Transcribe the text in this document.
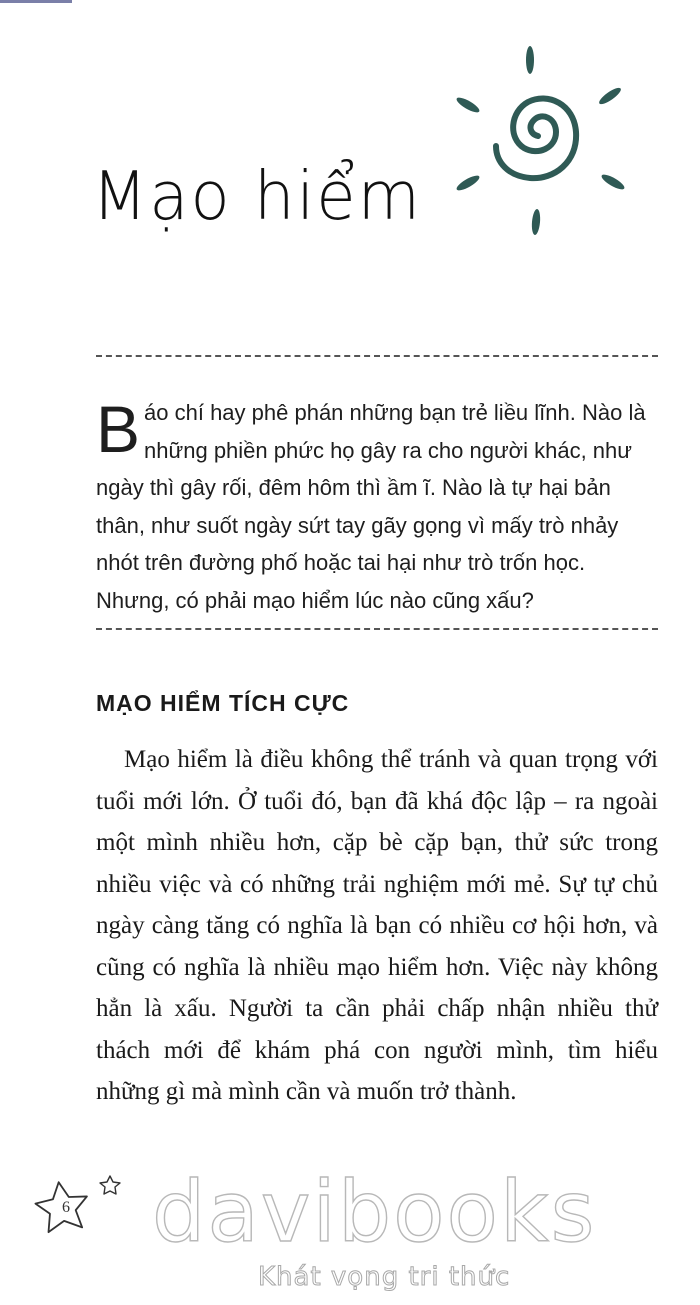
Mạo hiểm
Báo chí hay phê phán những bạn trẻ liều lĩnh. Nào là những phiền phức họ gây ra cho người khác, như ngày thì gây rối, đêm hôm thì ầm ĩ. Nào là tự hại bản thân, như suốt ngày sứt tay gãy gọng vì mấy trò nhảy nhót trên đường phố hoặc tai hại như trò trốn học. Nhưng, có phải mạo hiểm lúc nào cũng xấu?
MẠO HIỂM TÍCH CỰC
Mạo hiểm là điều không thể tránh và quan trọng với tuổi mới lớn. Ở tuổi đó, bạn đã khá độc lập – ra ngoài một mình nhiều hơn, cặp bè cặp bạn, thử sức trong nhiều việc và có những trải nghiệm mới mẻ. Sự tự chủ ngày càng tăng có nghĩa là bạn có nhiều cơ hội hơn, và cũng có nghĩa là nhiều mạo hiểm hơn. Việc này không hẳn là xấu. Người ta cần phải chấp nhận nhiều thử thách mới để khám phá con người mình, tìm hiểu những gì mà mình cần và muốn trở thành.
6 davibooks
Khát vọng tri thức
